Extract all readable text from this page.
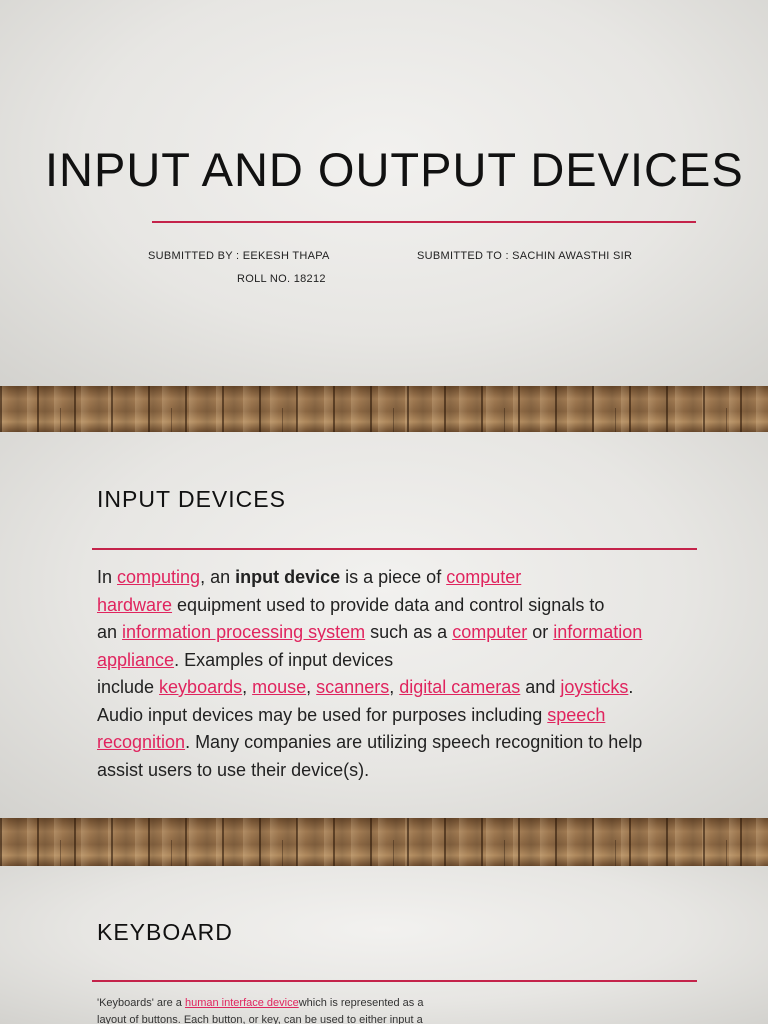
INPUT AND OUTPUT DEVICES
SUBMITTED BY : EEKESH THAPA	SUBMITTED TO : SACHIN AWASTHI SIR
ROLL NO. 18212
INPUT DEVICES
In computing, an input device is a piece of computer
hardware equipment used to provide data and control signals to
an information processing system such as a computer or information
appliance. Examples of input devices
include keyboards, mouse, scanners, digital cameras and joysticks.
Audio input devices may be used for purposes including speech
recognition. Many companies are utilizing speech recognition to help assist users to use their device(s).
KEYBOARD
'Keyboards' are a human interface devicewhich is represented as a
layout of buttons. Each button, or key, can be used to either input a
